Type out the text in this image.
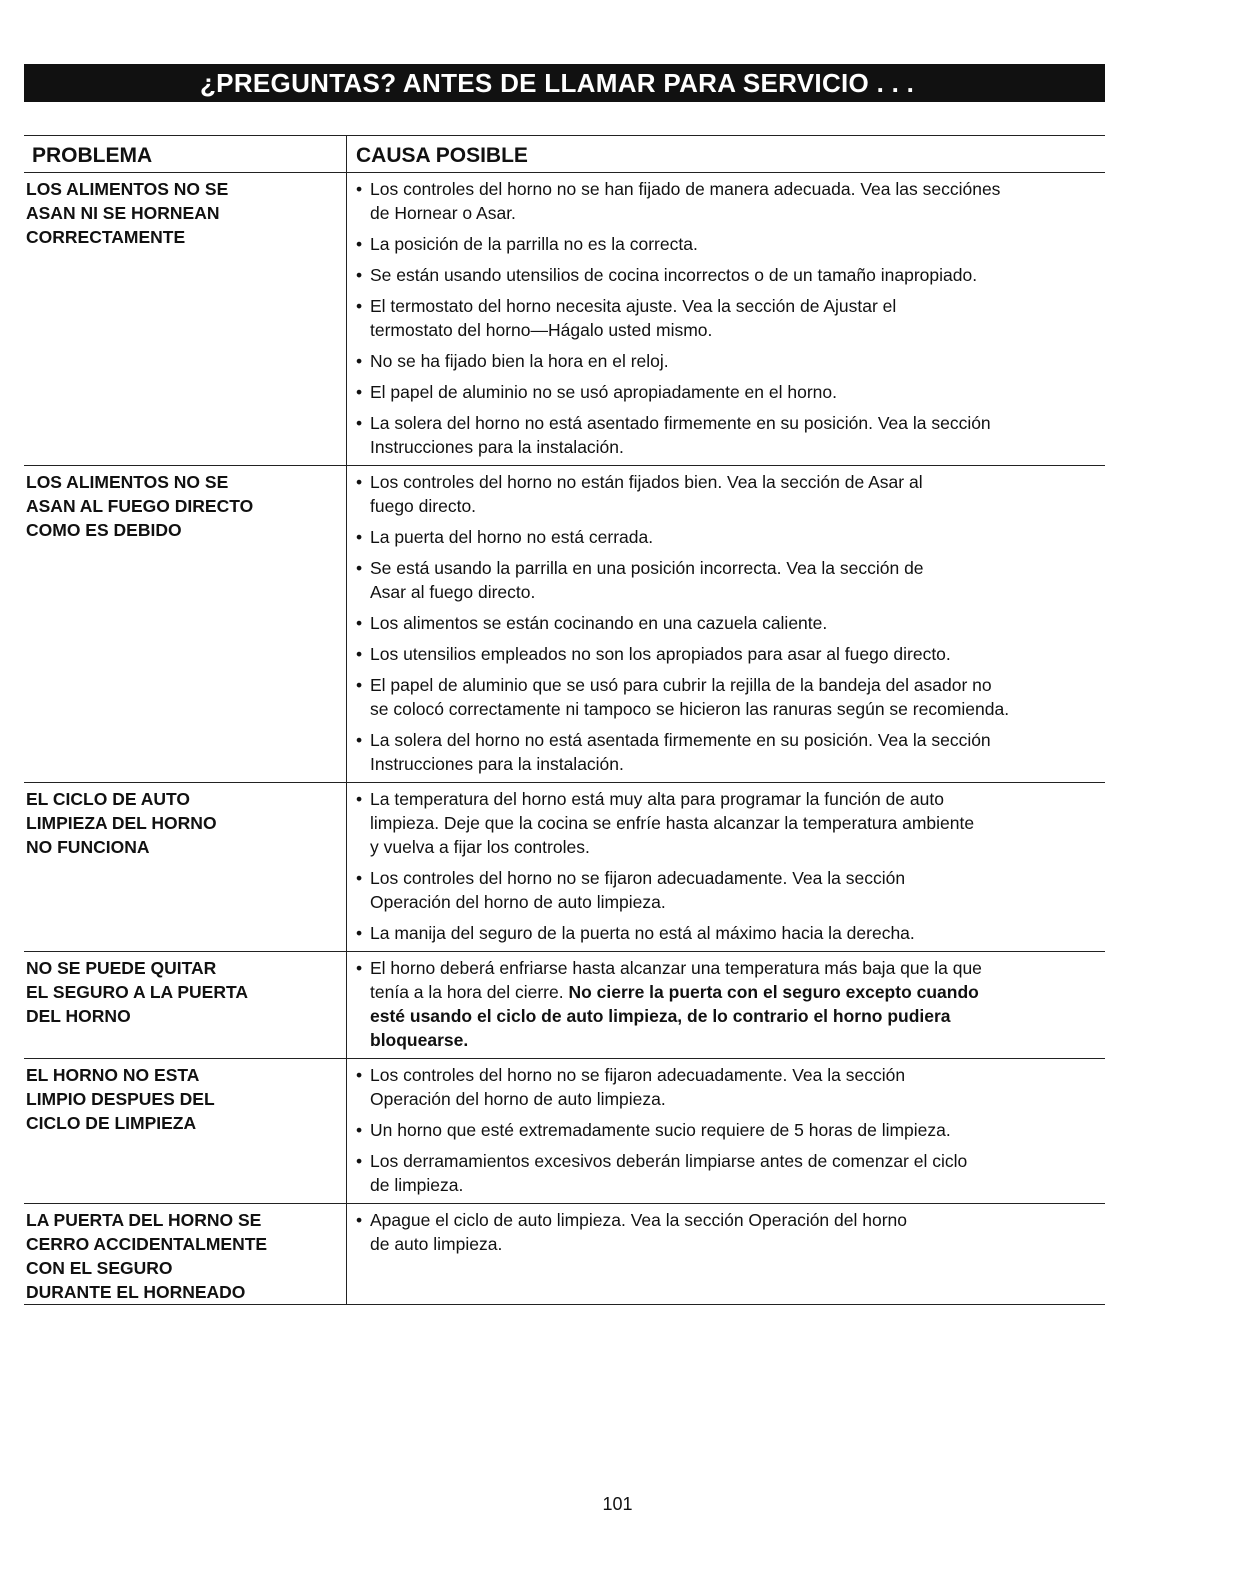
¿PREGUNTAS? ANTES DE LLAMAR PARA SERVICIO . . .
PROBLEMA	CAUSA POSIBLE
LOS ALIMENTOS NO SE
ASAN NI SE HORNEAN
CORRECTAMENTE
• Los controles del horno no se han fijado de manera adecuada. Vea las secciónes
de Hornear o Asar.
• La posición de la parrilla no es la correcta.
• Se están usando utensilios de cocina incorrectos o de un tamaño inapropiado.
• El termostato del horno necesita ajuste. Vea la sección de Ajustar el
termostato del horno—Hágalo usted mismo.
• No se ha fijado bien la hora en el reloj.
• El papel de aluminio no se usó apropiadamente en el horno.
• La solera del horno no está asentado firmemente en su posición. Vea la sección
Instrucciones para la instalación.
LOS ALIMENTOS NO SE
ASAN AL FUEGO DIRECTO
COMO ES DEBIDO
• Los controles del horno no están fijados bien. Vea la sección de Asar al
fuego directo.
• La puerta del horno no está cerrada.
• Se está usando la parrilla en una posición incorrecta. Vea la sección de
Asar al fuego directo.
• Los alimentos se están cocinando en una cazuela caliente.
• Los utensilios empleados no son los apropiados para asar al fuego directo.
• El papel de aluminio que se usó para cubrir la rejilla de la bandeja del asador no
se colocó correctamente ni tampoco se hicieron las ranuras según se recomienda.
• La solera del horno no está asentada firmemente en su posición. Vea la sección
Instrucciones para la instalación.
EL CICLO DE AUTO
LIMPIEZA DEL HORNO
NO FUNCIONA
• La temperatura del horno está muy alta para programar la función de auto
limpieza. Deje que la cocina se enfríe hasta alcanzar la temperatura ambiente
y vuelva a fijar los controles.
• Los controles del horno no se fijaron adecuadamente. Vea la sección
Operación del horno de auto limpieza.
• La manija del seguro de la puerta no está al máximo hacia la derecha.
NO SE PUEDE QUITAR
EL SEGURO A LA PUERTA
DEL HORNO
• El horno deberá enfriarse hasta alcanzar una temperatura más baja que la que
tenía a la hora del cierre. No cierre la puerta con el seguro excepto cuando
esté usando el ciclo de auto limpieza, de lo contrario el horno pudiera
bloquearse.
EL HORNO NO ESTA
LIMPIO DESPUES DEL
CICLO DE LIMPIEZA
• Los controles del horno no se fijaron adecuadamente. Vea la sección
Operación del horno de auto limpieza.
• Un horno que esté extremadamente sucio requiere de 5 horas de limpieza.
• Los derramamientos excesivos deberán limpiarse antes de comenzar el ciclo
de limpieza.
LA PUERTA DEL HORNO SE
CERRO ACCIDENTALMENTE
CON EL SEGURO
DURANTE EL HORNEADO
• Apague el ciclo de auto limpieza. Vea la sección Operación del horno
de auto limpieza.
101
